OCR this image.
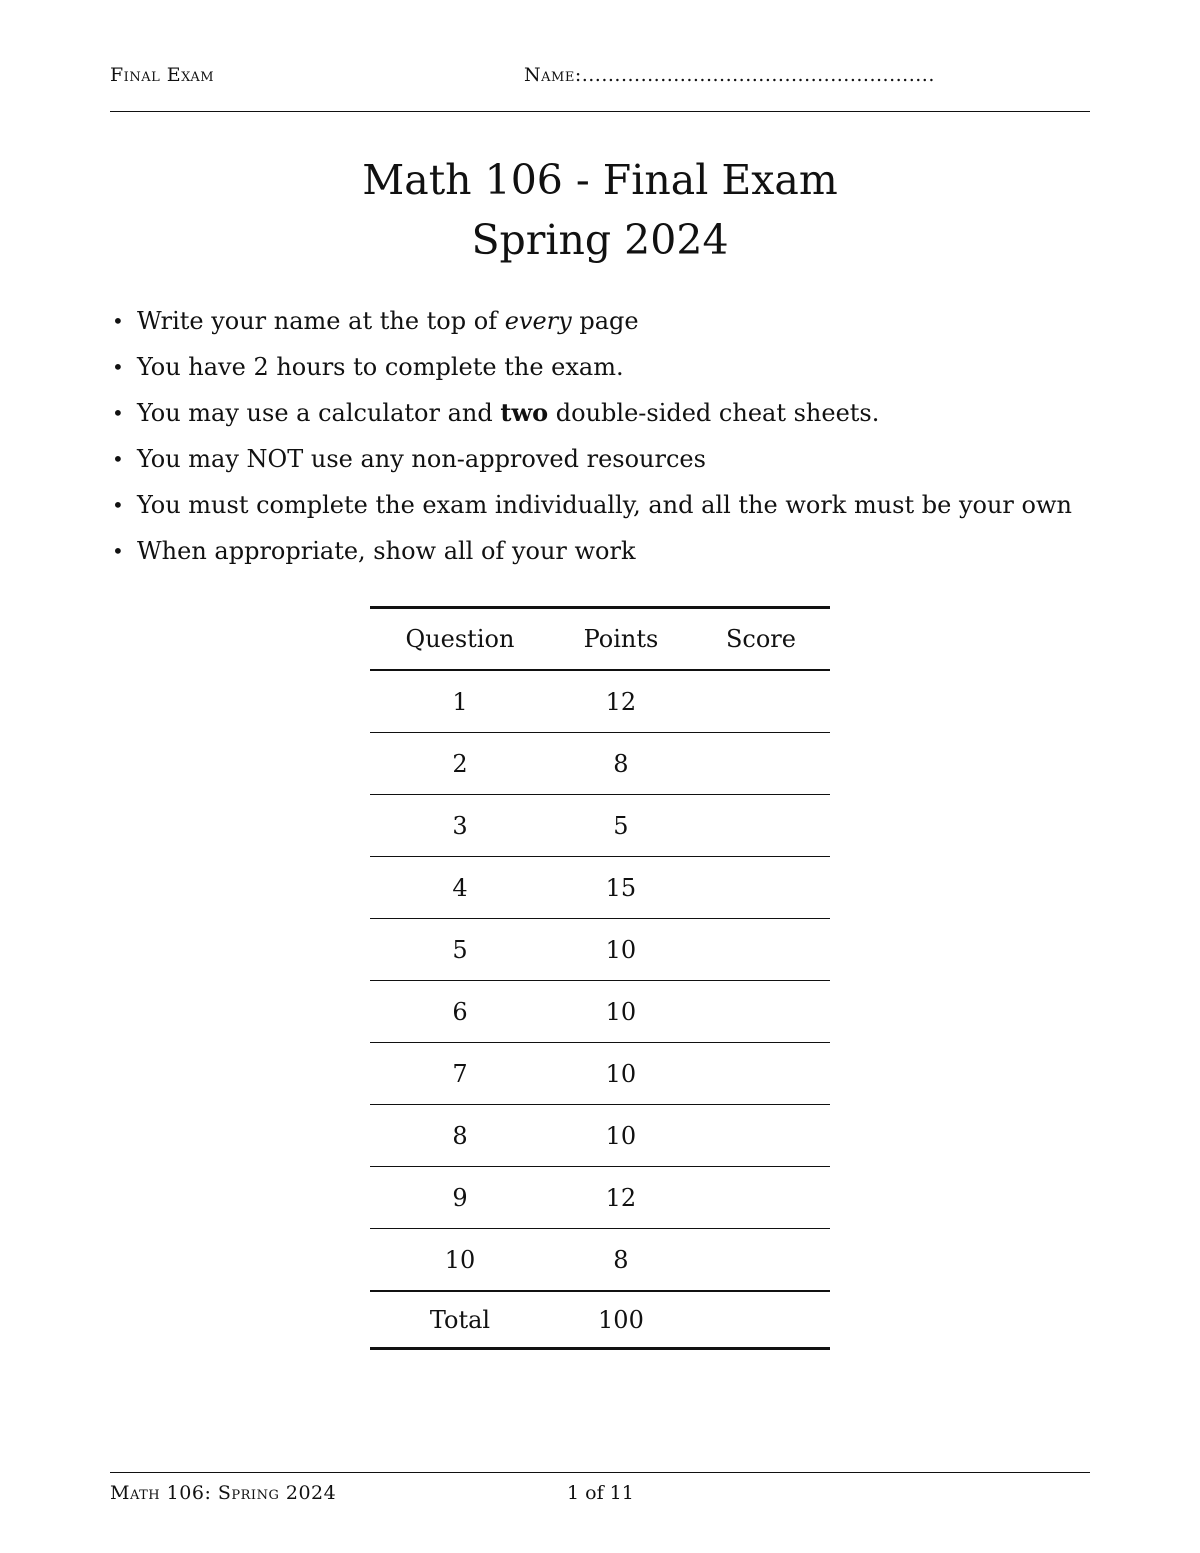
Final Exam	Name:......................................................
Math 106 - Final Exam
Spring 2024
• Write your name at the top of every page
• You have 2 hours to complete the exam.
• You may use a calculator and two double-sided cheat sheets.
• You may NOT use any non-approved resources
• You must complete the exam individually, and all the work must be your own
• When appropriate, show all of your work
Question	Points	Score
1	12	
2	8	
3	5	
4	15	
5	10	
6	10	
7	10	
8	10	
9	12	
10	8	
Total	100	
Math 106: Spring 2024	1 of 11
